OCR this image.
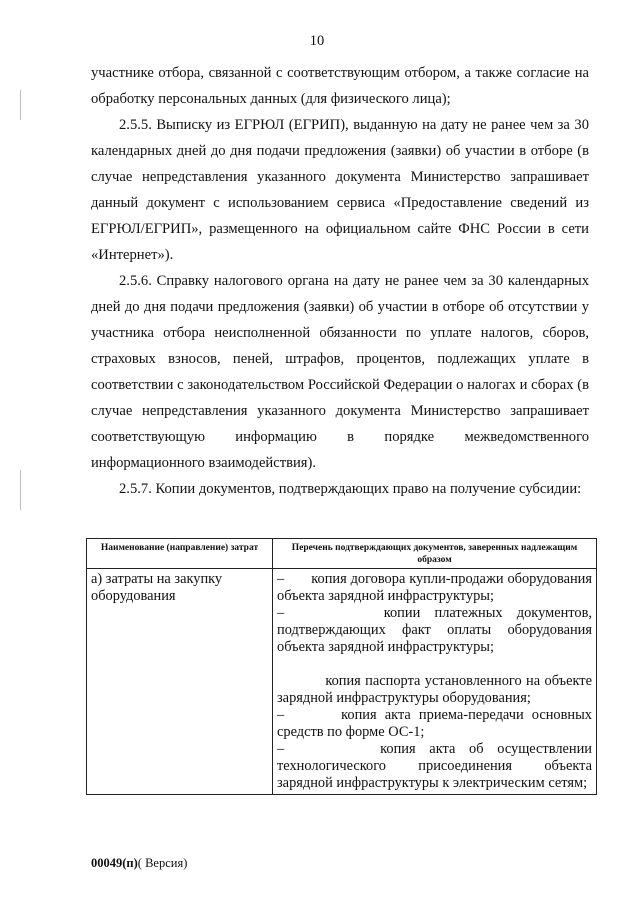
10

участнике отбора, связанной с соответствующим отбором, а также согласие на обработку персональных данных (для физического лица);

2.5.5. Выписку из ЕГРЮЛ (ЕГРИП), выданную на дату не ранее чем за 30 календарных дней до дня подачи предложения (заявки) об участии в отборе (в случае непредставления указанного документа Министерство запрашивает данный документ с использованием сервиса «Предоставление сведений из ЕГРЮЛ/ЕГРИП», размещенного на официальном сайте ФНС России в сети «Интернет»).

2.5.6. Справку налогового органа на дату не ранее чем за 30 календарных дней до дня подачи предложения (заявки) об участии в отборе об отсутствии у участника отбора неисполненной обязанности по уплате налогов, сборов, страховых взносов, пеней, штрафов, процентов, подлежащих уплате в соответствии с законодательством Российской Федерации о налогах и сборах (в случае непредставления указанного документа Министерство запрашивает соответствующую информацию в порядке межведомственного информационного взаимодействия).

2.5.7. Копии документов, подтверждающих право на получение субсидии:

Наименование (направление) затрат	Перечень подтверждающих документов, заверенных надлежащим образом
а) затраты на закупку оборудования	–       копия договора купли-продажи оборудования объекта зарядной инфраструктуры;
–       копии платежных документов, подтверждающих факт оплаты оборудования объекта зарядной инфраструктуры;
копия паспорта установленного на объекте зарядной инфраструктуры оборудования;
–       копия акта приема-передачи основных средств по форме ОС-1;
–       копия акта об осуществлении технологического присоединения объекта зарядной инфраструктуры к электрическим сетям;
00049(п)( Версия)
